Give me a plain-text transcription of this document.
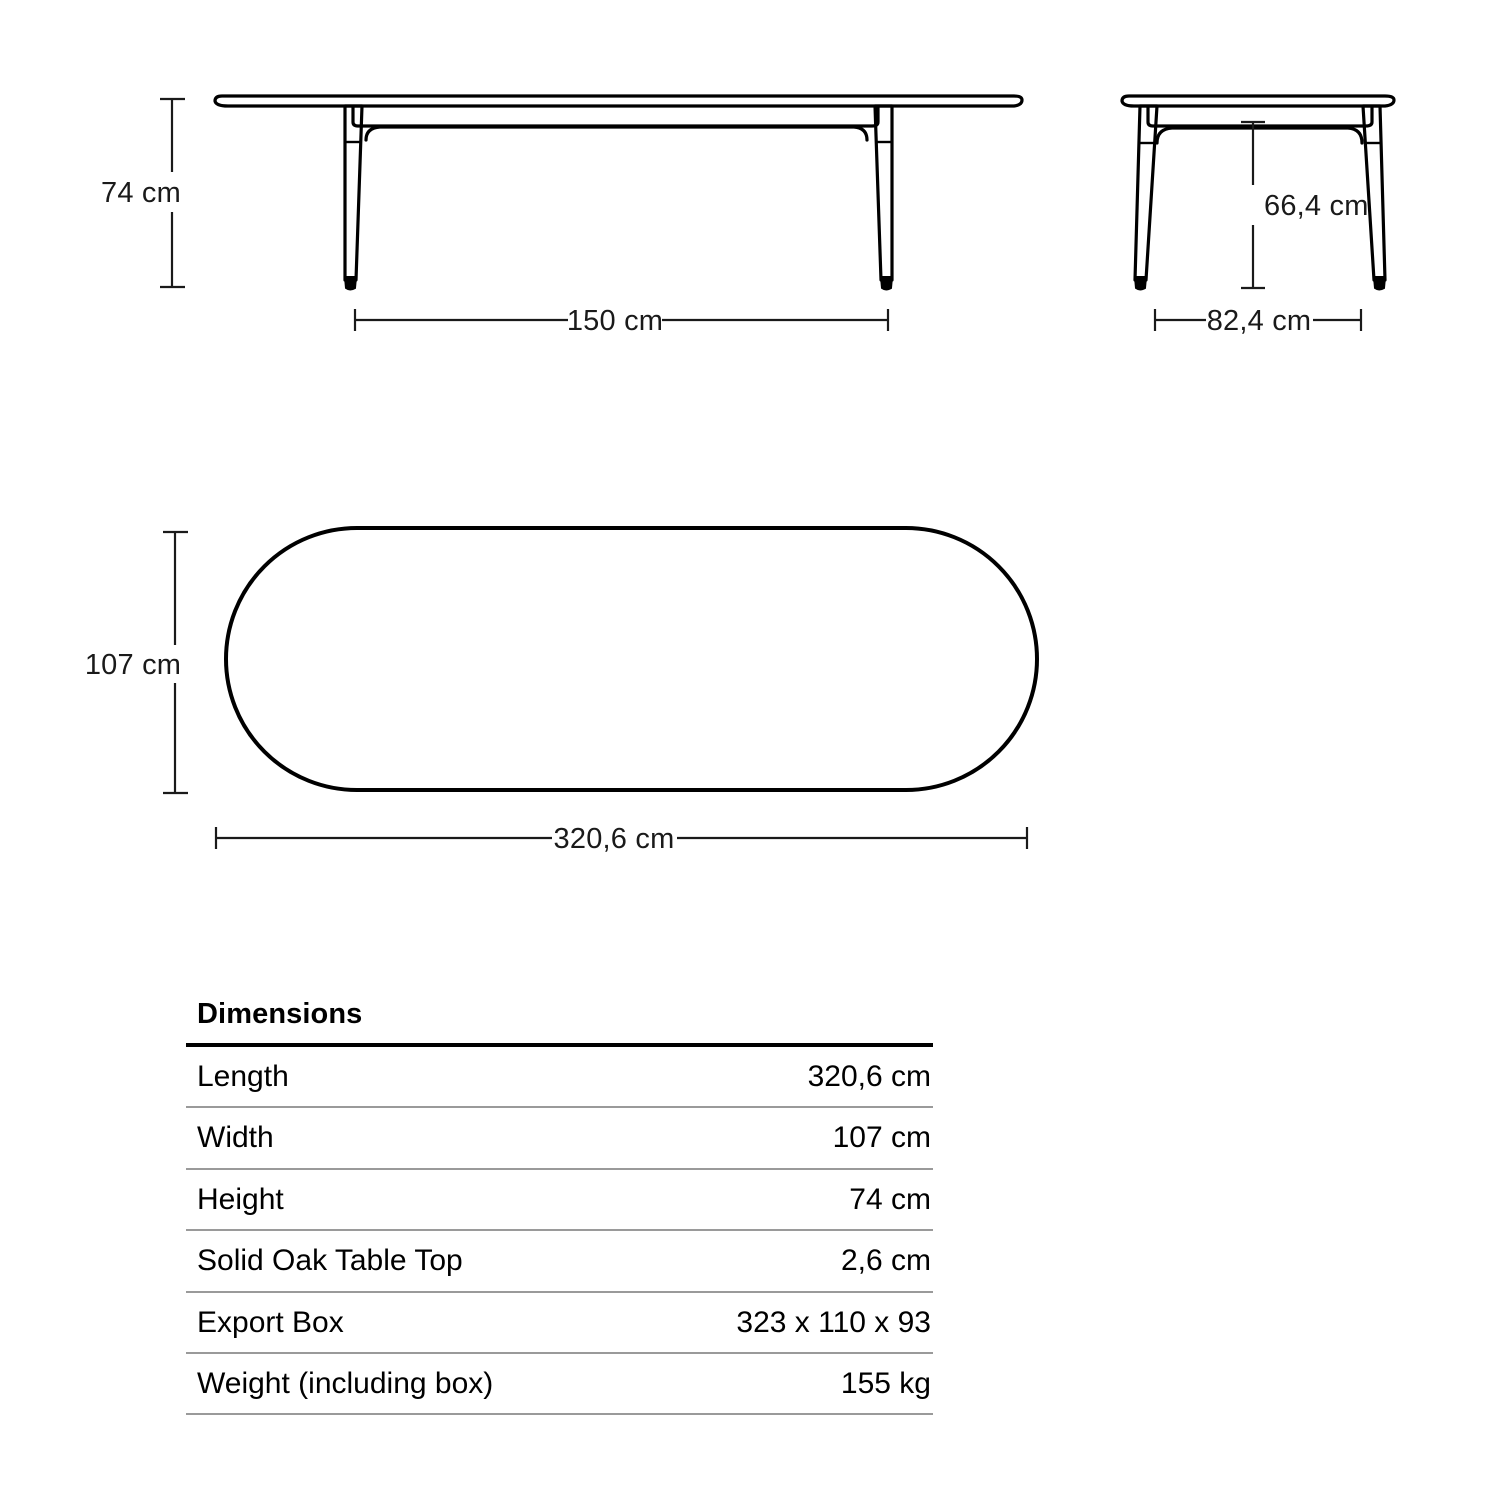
74 cm
150 cm
66,4 cm
82,4 cm
107 cm
320,6 cm
Dimensions
Length	320,6 cm
Width	107 cm
Height	74 cm
Solid Oak Table Top	2,6 cm
Export Box	323 x 110 x 93
Weight (including box)	155 kg
